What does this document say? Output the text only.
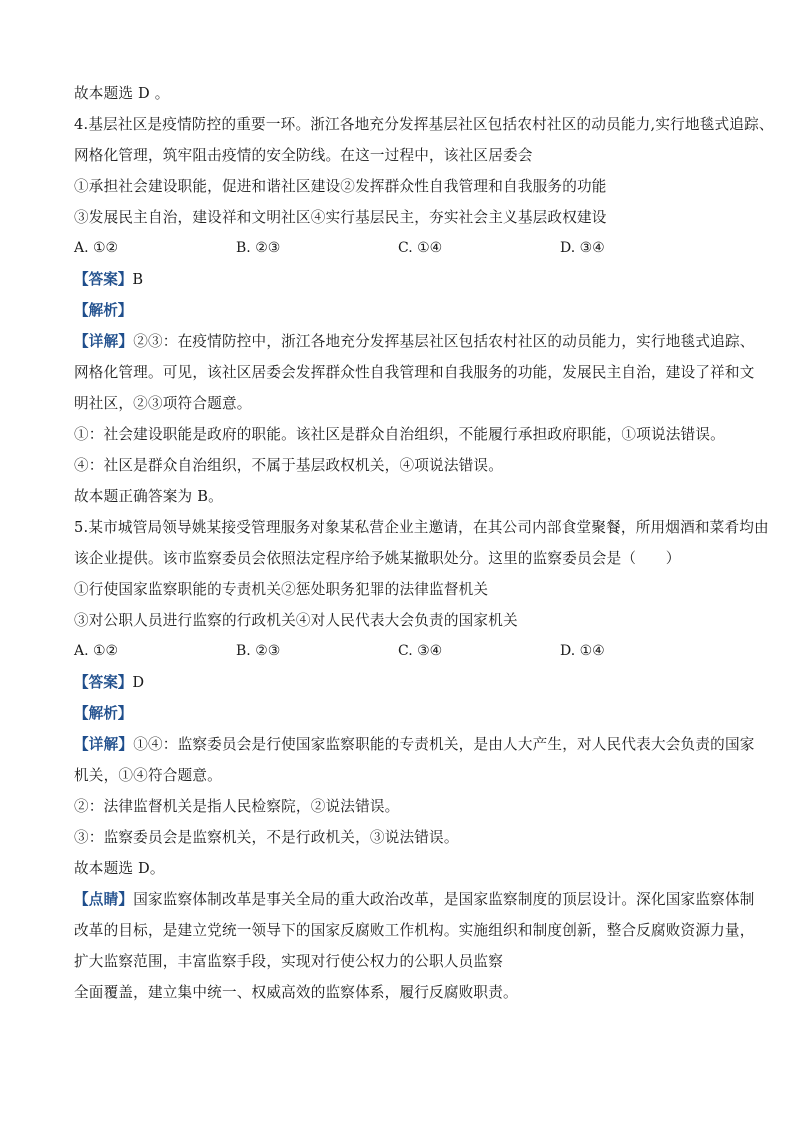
故本题选 D 。
4.基层社区是疫情防控的重要一环。浙江各地充分发挥基层社区包括农村社区的动员能力,实行地毯式追踪、
网格化管理，筑牢阻击疫情的安全防线。在这一过程中，该社区居委会
①承担社会建设职能，促进和谐社区建设②发挥群众性自我管理和自我服务的功能
③发展民主自治，建设祥和文明社区④实行基层民主，夯实社会主义基层政权建设
A. ①②	B. ②③	C. ①④	D. ③④
【答案】B
【解析】
【详解】②③：在疫情防控中，浙江各地充分发挥基层社区包括农村社区的动员能力，实行地毯式追踪、
网格化管理。可见，该社区居委会发挥群众性自我管理和自我服务的功能，发展民主自治，建设了祥和文
明社区，②③项符合题意。
①：社会建设职能是政府的职能。该社区是群众自治组织，不能履行承担政府职能，①项说法错误。
④：社区是群众自治组织，不属于基层政权机关，④项说法错误。
故本题正确答案为 B。
5.某市城管局领导姚某接受管理服务对象某私营企业主邀请，在其公司内部食堂聚餐，所用烟酒和菜肴均由
该企业提供。该市监察委员会依照法定程序给予姚某撤职处分。这里的监察委员会是（　　）
①行使国家监察职能的专责机关②惩处职务犯罪的法律监督机关
③对公职人员进行监察的行政机关④对人民代表大会负责的国家机关
A. ①②	B. ②③	C. ③④	D. ①④
【答案】D
【解析】
【详解】①④：监察委员会是行使国家监察职能的专责机关，是由人大产生，对人民代表大会负责的国家
机关，①④符合题意。
②：法律监督机关是指人民检察院，②说法错误。
③：监察委员会是监察机关，不是行政机关，③说法错误。
故本题选 D。
【点睛】国家监察体制改革是事关全局的重大政治改革，是国家监察制度的顶层设计。深化国家监察体制
改革的目标，是建立党统一领导下的国家反腐败工作机构。实施组织和制度创新，整合反腐败资源力量，
扩大监察范围，丰富监察手段，实现对行使公权力的公职人员监察
全面覆盖，建立集中统一、权威高效的监察体系，履行反腐败职责。
